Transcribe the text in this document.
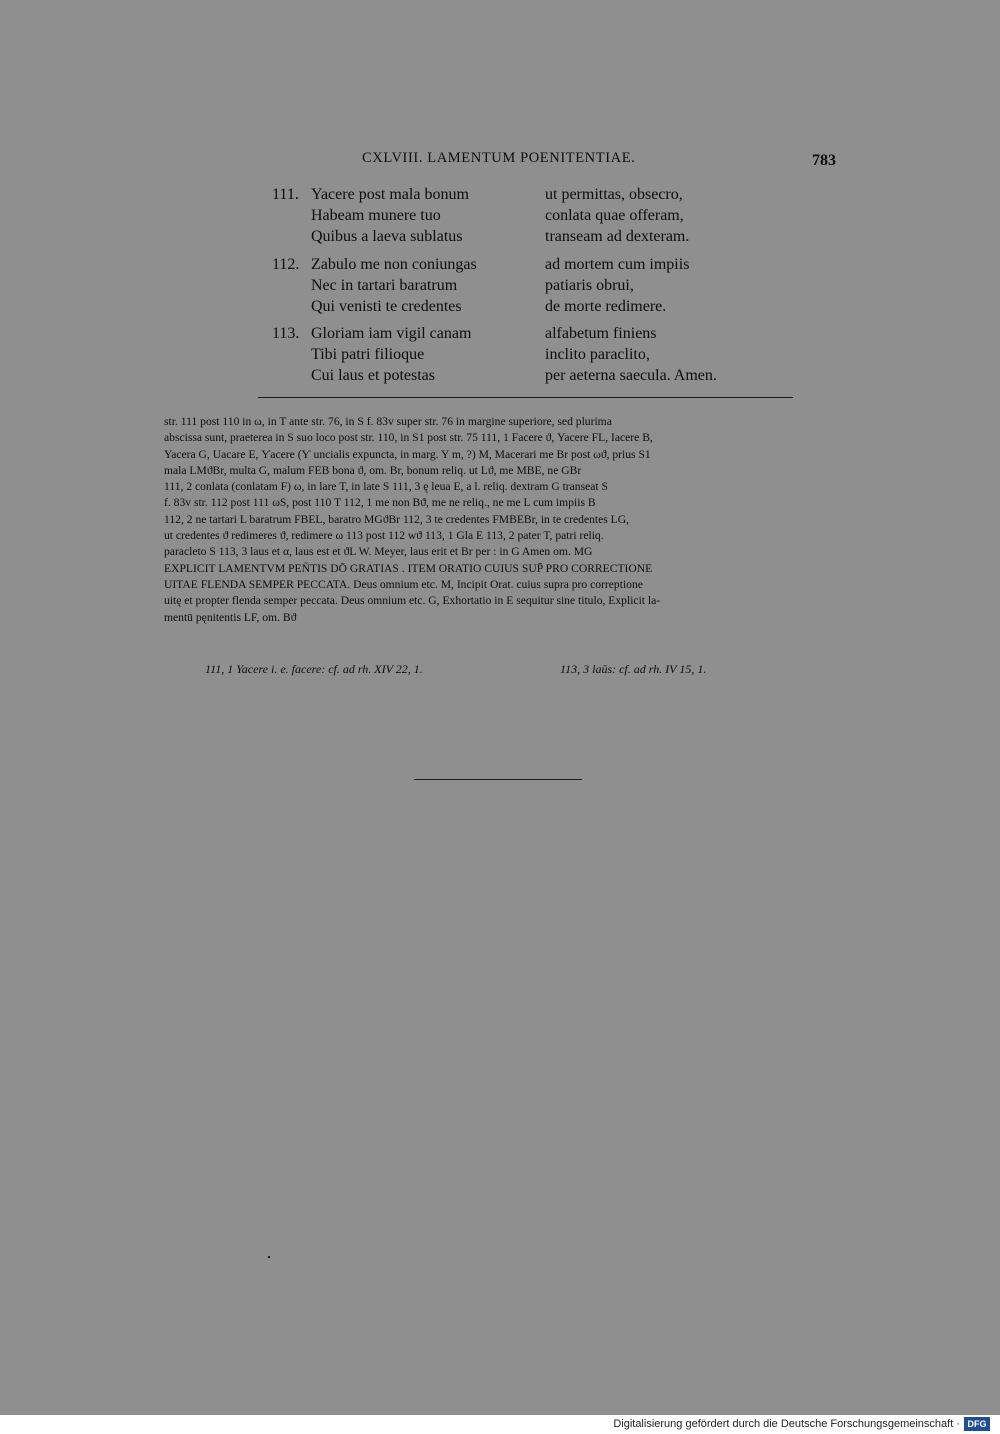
CXLVIII. LAMENTUM POENITENTIAE.	783
111. Yacere post mala bonum	ut permittas, obsecro,
Habeam munere tuo	conlata quae offeram,
Quibus a laeva sublatus	transeam ad dexteram.
112. Zabulo me non coniungas	ad mortem cum impiis
Nec in tartari baratrum	patiaris obrui,
Qui venisti te credentes	de morte redimere.
113. Gloriam iam vigil canam	alfabetum finiens
Tibi patri filioque	inclito paraclito,
Cui laus et potestas	per aeterna saecula. Amen.
str. 111 post 110 in ω, in T ante str. 76, in S f. 83v super str. 76 in margine superiore, sed plurima
abscissa sunt, praeterea in S suo loco post str. 110, in S1 post str. 75 111, 1 Facere ϑ, Yacere FL, Iacere B,
Yacera G, Uacare E, Ƴacere (Ƴ uncialis expuncta, in marg. Y m, ?) M, Macerari me Br post ωϑ, prius S1
mala LMϑBr, multa G, malum FEB bona ϑ, om. Br, bonum reliq. ut Lϑ, me MBE, ne GBr
111, 2 conlata (conlatam F) ω, in lare T, in late S 111, 3 ę leua E, a l. reliq. dextram G transeat S
f. 83v str. 112 post 111 ωS, post 110 T 112, 1 me non Bϑ, me ne reliq., ne me L cum impiis B
112, 2 ne tartari L baratrum FBEL, baratro MGϑBr 112, 3 te credentes FMBEBr, in te credentes LG,
ut credentes ϑ redimeres ϑ, redimere ω 113 post 112 wϑ 113, 1 Gla E 113, 2 pater T, patri reliq.
paracleto S 113, 3 laus et α, laus est et ϑL W. Meyer, laus erit et Br per : in G Amen om. MG
EXPLICIT LAMENTVM PEÑTIS DŌ GRATIAS . ITEM ORATIO CUIUS SUP̄ PRO CORRECTIONE
UITAE FLENDA SEMPER PECCATA. Deus omnium etc. M, Incipit Orat. cuius supra pro correptione
uitę et propter flenda semper peccata. Deus omnium etc. G, Exhortatio in E sequitur sine titulo, Explicit la-
mentū pęnitentis LF, om. Bϑ
111, 1 Yacere i. e. facere: cf. ad rh. XIV 22, 1.	113, 3 laūs: cf. ad rh. IV 15, 1.
Digitalisierung gefördert durch die Deutsche Forschungsgemeinschaft · DFG
